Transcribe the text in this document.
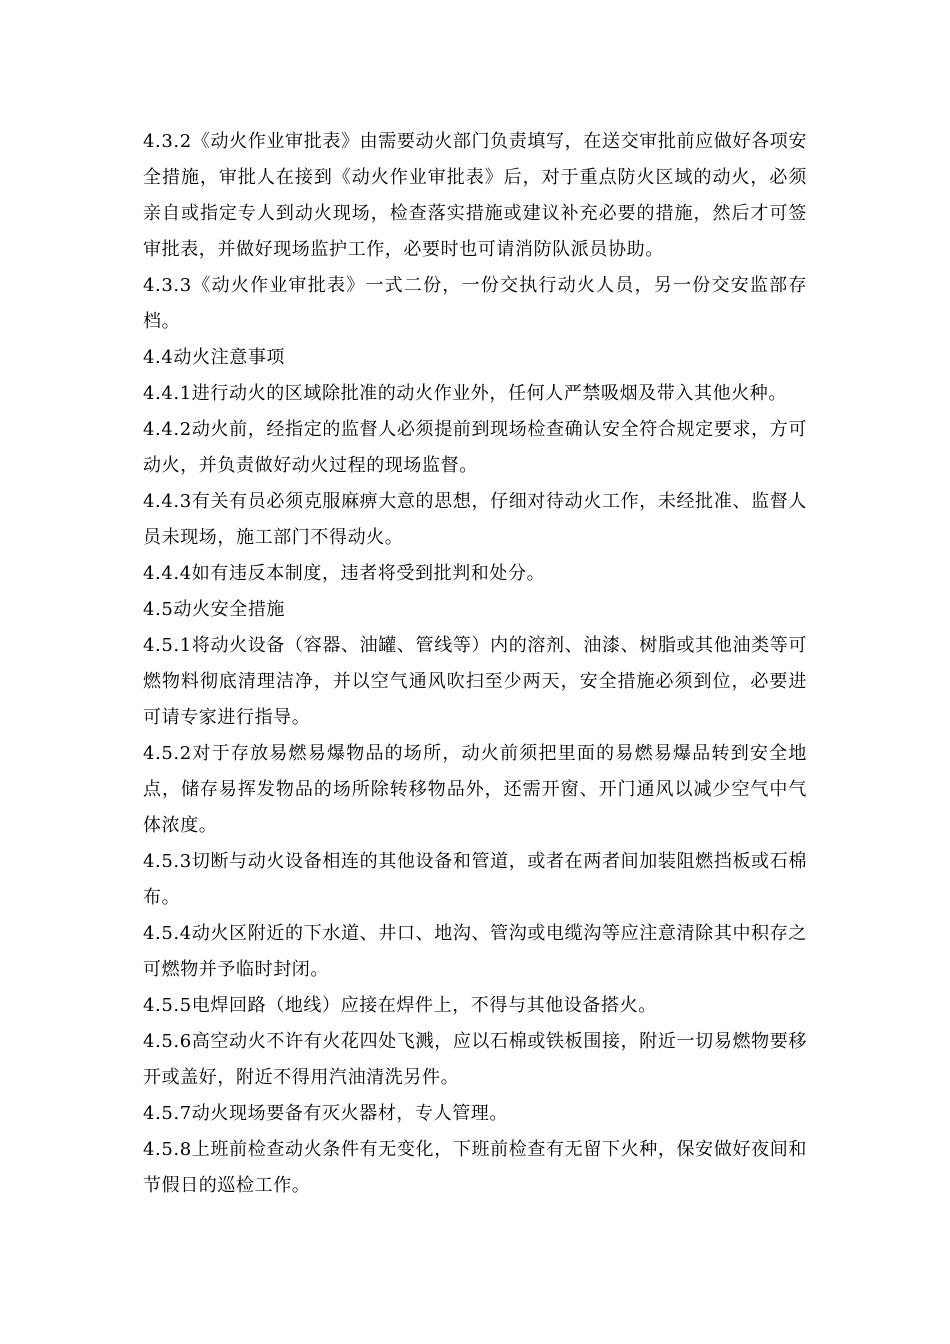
4.3.2《动火作业审批表》由需要动火部门负责填写，在送交审批前应做好各项安全措施，审批人在接到《动火作业审批表》后，对于重点防火区域的动火，必须亲自或指定专人到动火现场，检查落实措施或建议补充必要的措施，然后才可签审批表，并做好现场监护工作，必要时也可请消防队派员协助。

4.3.3《动火作业审批表》一式二份，一份交执行动火人员，另一份交安监部存档。

4.4动火注意事项

4.4.1进行动火的区域除批准的动火作业外，任何人严禁吸烟及带入其他火种。

4.4.2动火前，经指定的监督人必须提前到现场检查确认安全符合规定要求，方可动火，并负责做好动火过程的现场监督。

4.4.3有关有员必须克服麻痹大意的思想，仔细对待动火工作，未经批准、监督人员未现场，施工部门不得动火。

4.4.4如有违反本制度，违者将受到批判和处分。

4.5动火安全措施

4.5.1将动火设备（容器、油罐、管线等）内的溶剂、油漆、树脂或其他油类等可燃物料彻底清理洁净，并以空气通风吹扫至少两天，安全措施必须到位，必要进可请专家进行指导。

4.5.2对于存放易燃易爆物品的场所，动火前须把里面的易燃易爆品转到安全地点，储存易挥发物品的场所除转移物品外，还需开窗、开门通风以减少空气中气体浓度。

4.5.3切断与动火设备相连的其他设备和管道，或者在两者间加装阻燃挡板或石棉布。

4.5.4动火区附近的下水道、井口、地沟、管沟或电缆沟等应注意清除其中积存之可燃物并予临时封闭。

4.5.5电焊回路（地线）应接在焊件上，不得与其他设备搭火。

4.5.6高空动火不许有火花四处飞溅，应以石棉或铁板围接，附近一切易燃物要移开或盖好，附近不得用汽油清洗另件。

4.5.7动火现场要备有灭火器材，专人管理。

4.5.8上班前检查动火条件有无变化，下班前检查有无留下火种，保安做好夜间和节假日的巡检工作。
